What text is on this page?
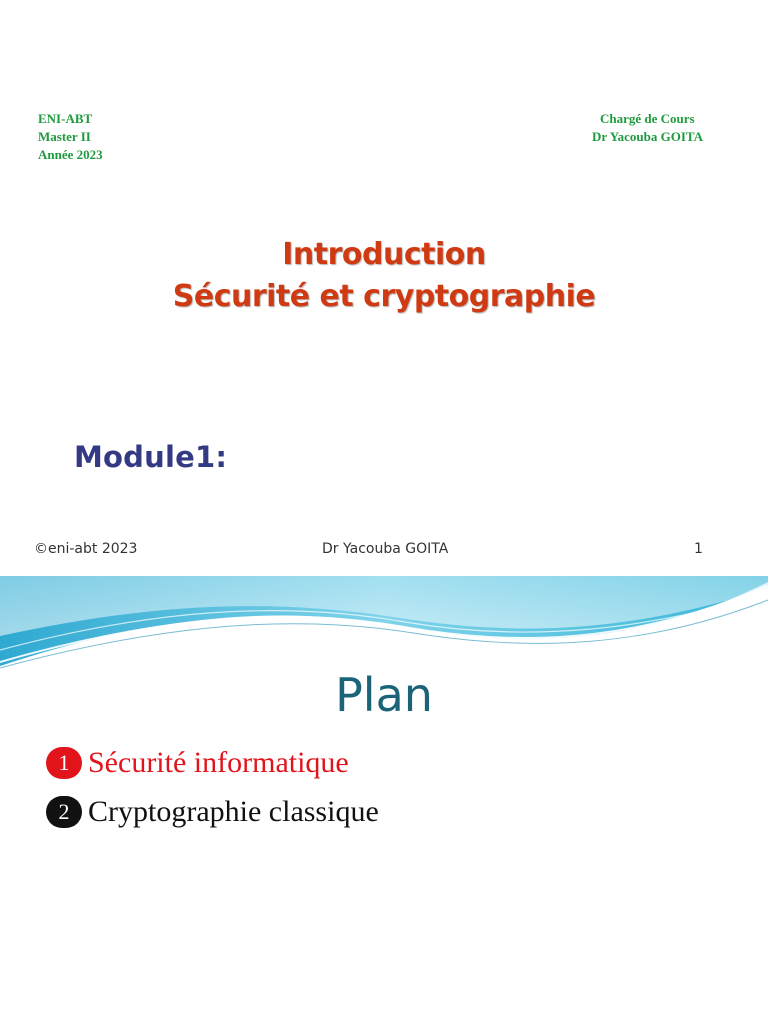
ENI-ABT
Master II
Année 2023
Chargé de Cours
Dr Yacouba GOITA
Introduction
Sécurité et cryptographie
Module1:
©eni-abt 2023	Dr Yacouba GOITA	1
Plan
1 Sécurité informatique
2 Cryptographie classique
